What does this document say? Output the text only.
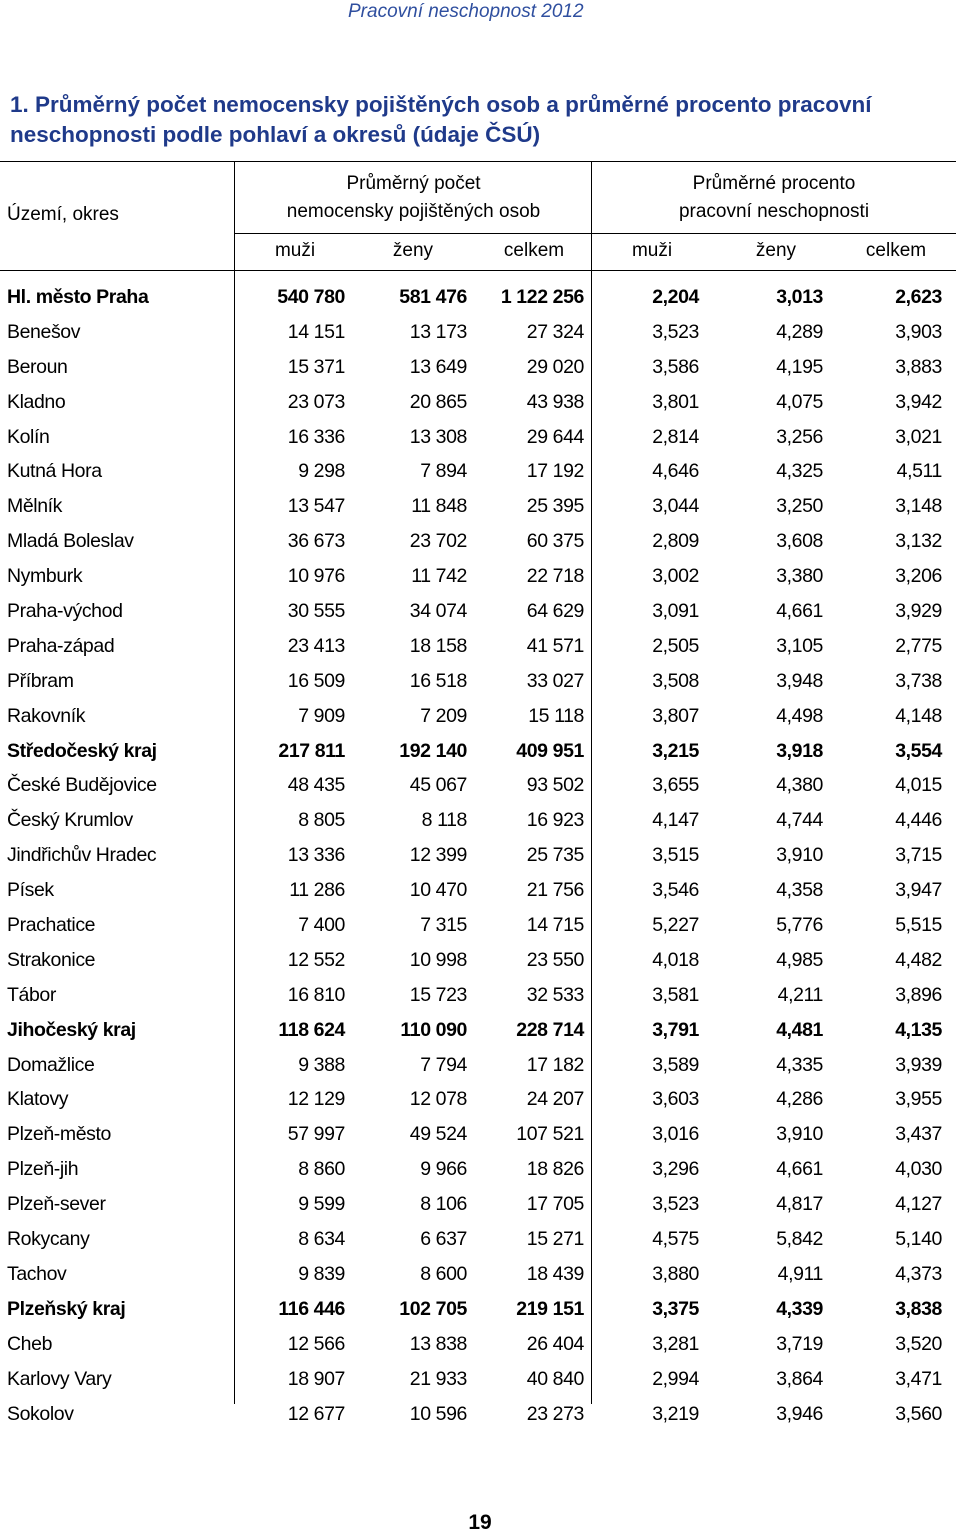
Pracovní neschopnost 2012
1. Průměrný počet nemocensky pojištěných osob a průměrné procento pracovní neschopnosti podle pohlaví a okresů (údaje ČSÚ)
Území, okres
Průměrný počet
nemocensky pojištěných osob
Průměrné procento
pracovní neschopnosti
muži	ženy	celkem	muži	ženy	celkem
Hl. město Praha	540 780	581 476	1 122 256	2,204	3,013	2,623
Benešov	14 151	13 173	27 324	3,523	4,289	3,903
Beroun	15 371	13 649	29 020	3,586	4,195	3,883
Kladno	23 073	20 865	43 938	3,801	4,075	3,942
Kolín	16 336	13 308	29 644	2,814	3,256	3,021
Kutná Hora	9 298	7 894	17 192	4,646	4,325	4,511
Mělník	13 547	11 848	25 395	3,044	3,250	3,148
Mladá Boleslav	36 673	23 702	60 375	2,809	3,608	3,132
Nymburk	10 976	11 742	22 718	3,002	3,380	3,206
Praha-východ	30 555	34 074	64 629	3,091	4,661	3,929
Praha-západ	23 413	18 158	41 571	2,505	3,105	2,775
Příbram	16 509	16 518	33 027	3,508	3,948	3,738
Rakovník	7 909	7 209	15 118	3,807	4,498	4,148
Středočeský kraj	217 811	192 140	409 951	3,215	3,918	3,554
České Budějovice	48 435	45 067	93 502	3,655	4,380	4,015
Český Krumlov	8 805	8 118	16 923	4,147	4,744	4,446
Jindřichův Hradec	13 336	12 399	25 735	3,515	3,910	3,715
Písek	11 286	10 470	21 756	3,546	4,358	3,947
Prachatice	7 400	7 315	14 715	5,227	5,776	5,515
Strakonice	12 552	10 998	23 550	4,018	4,985	4,482
Tábor	16 810	15 723	32 533	3,581	4,211	3,896
Jihočeský kraj	118 624	110 090	228 714	3,791	4,481	4,135
Domažlice	9 388	7 794	17 182	3,589	4,335	3,939
Klatovy	12 129	12 078	24 207	3,603	4,286	3,955
Plzeň-město	57 997	49 524	107 521	3,016	3,910	3,437
Plzeň-jih	8 860	9 966	18 826	3,296	4,661	4,030
Plzeň-sever	9 599	8 106	17 705	3,523	4,817	4,127
Rokycany	8 634	6 637	15 271	4,575	5,842	5,140
Tachov	9 839	8 600	18 439	3,880	4,911	4,373
Plzeňský kraj	116 446	102 705	219 151	3,375	4,339	3,838
Cheb	12 566	13 838	26 404	3,281	3,719	3,520
Karlovy Vary	18 907	21 933	40 840	2,994	3,864	3,471
Sokolov	12 677	10 596	23 273	3,219	3,946	3,560
19
